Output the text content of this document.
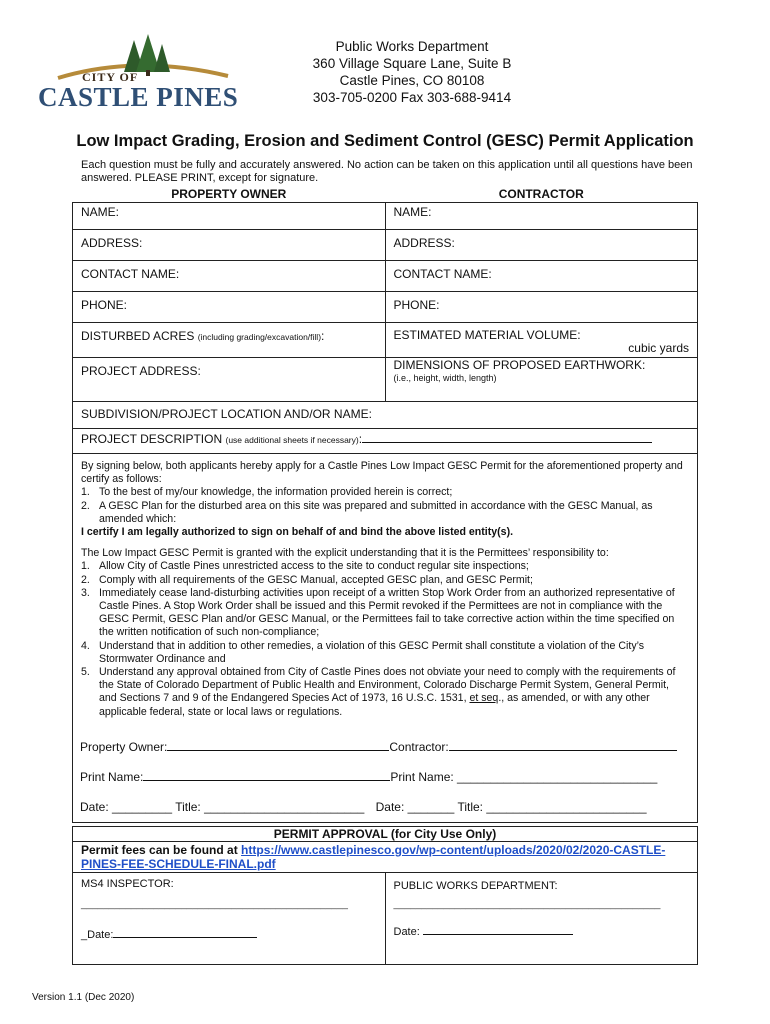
CITY OF
CASTLE PINES
Public Works Department
360 Village Square Lane, Suite B
Castle Pines, CO 80108
303-705-0200 Fax 303-688-9414
Low Impact Grading, Erosion and Sediment Control (GESC) Permit Application
Each question must be fully and accurately answered. No action can be taken on this application until all questions have been answered. PLEASE PRINT, except for signature.
PROPERTY OWNER	CONTRACTOR
NAME:	NAME:
ADDRESS:	ADDRESS:
CONTACT NAME:	CONTACT NAME:
PHONE:	PHONE:
DISTURBED ACRES (including grading/excavation/fill):	ESTIMATED MATERIAL VOLUME:
cubic yards

PROJECT ADDRESS:	DIMENSIONS OF PROPOSED EARTHWORK:
(i.e., height, width, length)

SUBDIVISION/PROJECT LOCATION AND/OR NAME:	
PROJECT DESCRIPTION (use additional sheets if necessary):	
By signing below, both applicants hereby apply for a Castle Pines Low Impact GESC Permit for the aforementioned property and certify as follows:
1. To the best of my/our knowledge, the information provided herein is correct;
2. A GESC Plan for the disturbed area on this site was prepared and submitted in accordance with the GESC Manual, as amended which:
I certify I am legally authorized to sign on behalf of and bind the above listed entity(s).
The Low Impact GESC Permit is granted with the explicit understanding that it is the Permittees’ responsibility to:
1. Allow City of Castle Pines unrestricted access to the site to conduct regular site inspections;
2. Comply with all requirements of the GESC Manual, accepted GESC plan, and GESC Permit;
3. Immediately cease land-disturbing activities upon receipt of a written Stop Work Order from an authorized representative of Castle Pines. A Stop Work Order shall be issued and this Permit revoked if the Permittees are not in compliance with the GESC Permit, GESC Plan and/or GESC Manual, or the Permittees fail to take corrective action within the time specified on the written notification of such non-compliance;
4. Understand that in addition to other remedies, a violation of this GESC Permit shall constitute a violation of the City’s Stormwater Ordinance and
5. Understand any approval obtained from City of Castle Pines does not obviate your need to comply with the requirements of the State of Colorado Department of Public Health and Environment, Colorado Discharge Permit System, General Permit, and Sections 7 and 9 of the Endangered Species Act of 1973, 16 U.S.C. 1531, et seq., as amended, or with any other applicable federal, state or local laws or regulations.
Property Owner:	Contractor:
Print Name:	Print Name: ______________________________
Date: _________ Title: ________________________ Date: _______ Title: ________________________
PERMIT APPROVAL (for City Use Only)
Permit fees can be found at https://www.castlepinesco.gov/wp-content/uploads/2020/02/2020-CASTLE-PINES-FEE-SCHEDULE-FINAL.pdf
MS4 INSPECTOR:
________________________________________________
_Date:
PUBLIC WORKS DEPARTMENT:
________________________________________________
Date:
Version 1.1 (Dec 2020)
